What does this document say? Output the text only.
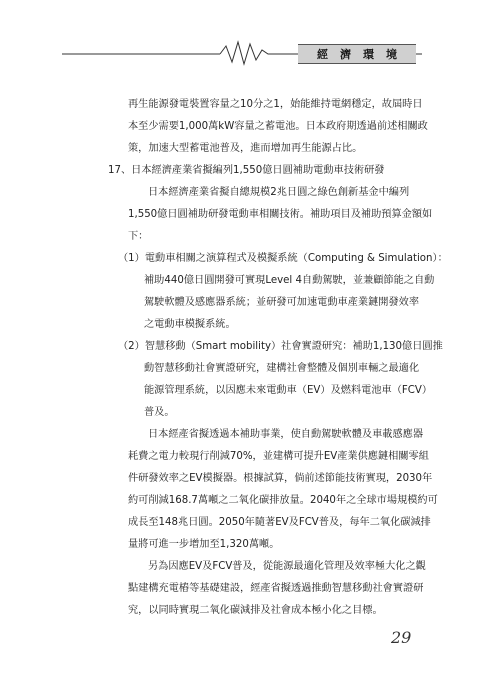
經濟環境
再生能源發電裝置容量之10分之1，始能維持電網穩定，故屆時日
本至少需要1,000萬kW容量之蓄電池。日本政府期透過前述相關政
策，加速大型蓄電池普及，進而增加再生能源占比。
17、日本經濟產業省擬編列1,550億日圓補助電動車技術研發
日本經濟產業省擬自總規模2兆日圓之綠色創新基金中編列
1,550億日圓補助研發電動車相關技術。補助項目及補助預算金額如
下：
（1）電動車相關之演算程式及模擬系統（Computing & Simulation）：
補助440億日圓開發可實現Level 4自動駕駛，並兼顧節能之自動
駕駛軟體及感應器系統；並研發可加速電動車產業鏈開發效率
之電動車模擬系統。
（2）智慧移動（Smart mobility）社會實證研究：補助1,130億日圓推
動智慧移動社會實證研究，建構社會整體及個別車輛之最適化
能源管理系統，以因應未來電動車（EV）及燃料電池車（FCV）
普及。
日本經產省擬透過本補助事業，使自動駕駛軟體及車載感應器
耗費之電力較現行削減70%，並建構可提升EV產業供應鏈相關零組
件研發效率之EV模擬器。根據試算，倘前述節能技術實現，2030年
約可削減168.7萬噸之二氧化碳排放量。2040年之全球市場規模約可
成長至148兆日圓。2050年隨著EV及FCV普及，每年二氧化碳減排
量將可進一步增加至1,320萬噸。
另為因應EV及FCV普及，從能源最適化管理及效率極大化之觀
點建構充電樁等基礎建設，經產省擬透過推動智慧移動社會實證研
究，以同時實現二氧化碳減排及社會成本極小化之目標。
29
